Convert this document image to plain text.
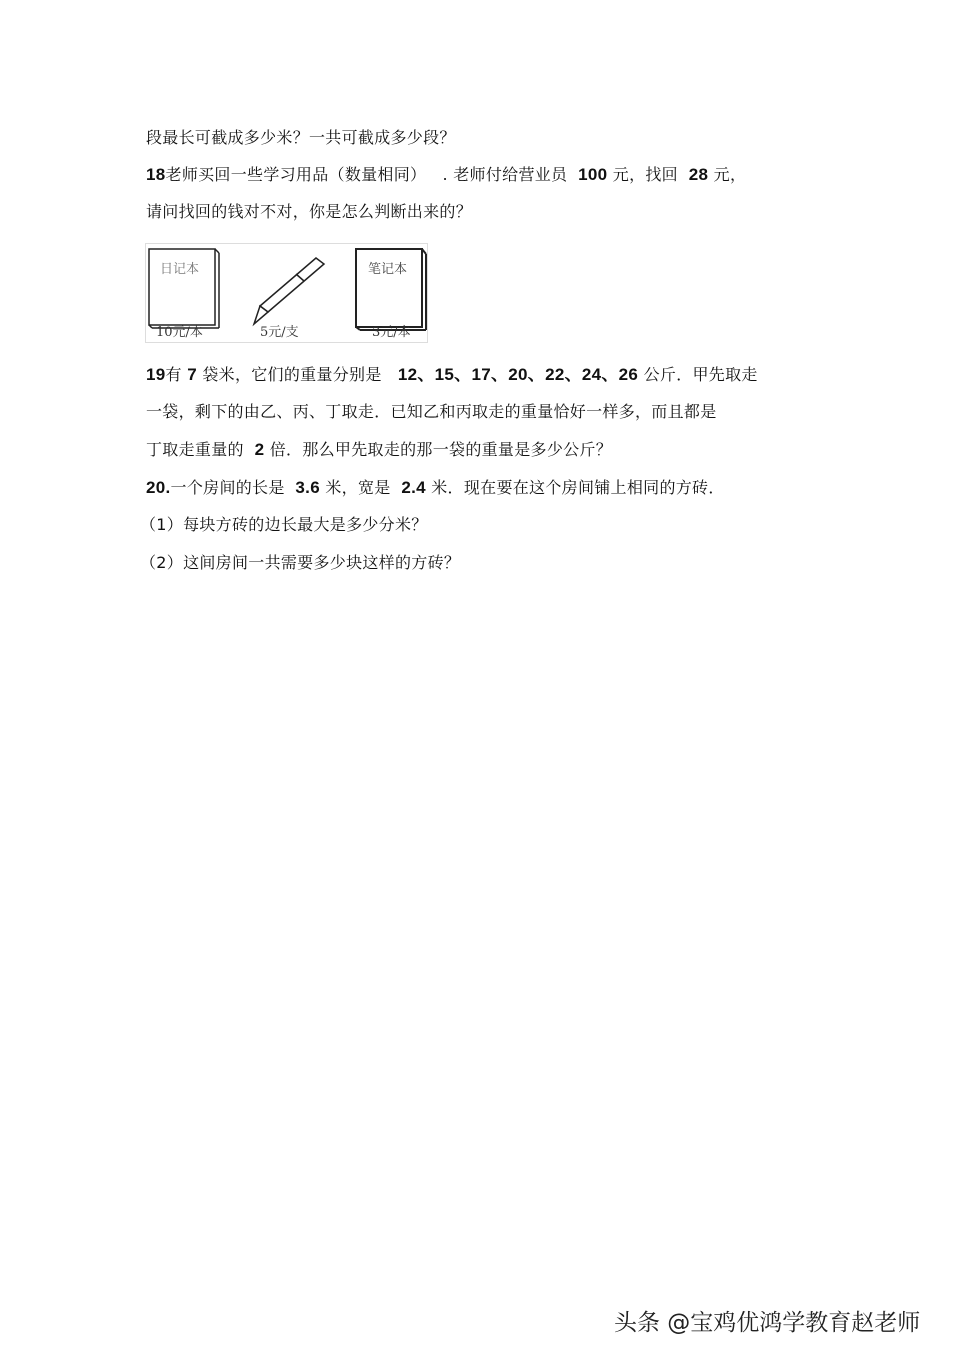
段最长可截成多少米？一共可截成多少段？
18老师买回一些学习用品（数量相同）   . 老师付给营业员  100 元，找回  28 元，
请问找回的钱对不对，你是怎么判断出来的？
日记本
10元/本	5元/支
笔记本
3元/本
19有 7 袋米，它们的重量分别是   12、15、17、20、22、24、26 公斤．甲先取走
一袋，剩下的由乙、丙、丁取走．已知乙和丙取走的重量恰好一样多，而且都是
丁取走重量的  2 倍．那么甲先取走的那一袋的重量是多少公斤？
20.一个房间的长是  3.6 米，宽是  2.4 米．现在要在这个房间铺上相同的方砖．
（1）每块方砖的边长最大是多少分米？
（2）这间房间一共需要多少块这样的方砖？
头条 @宝鸡优鸿学教育赵老师
